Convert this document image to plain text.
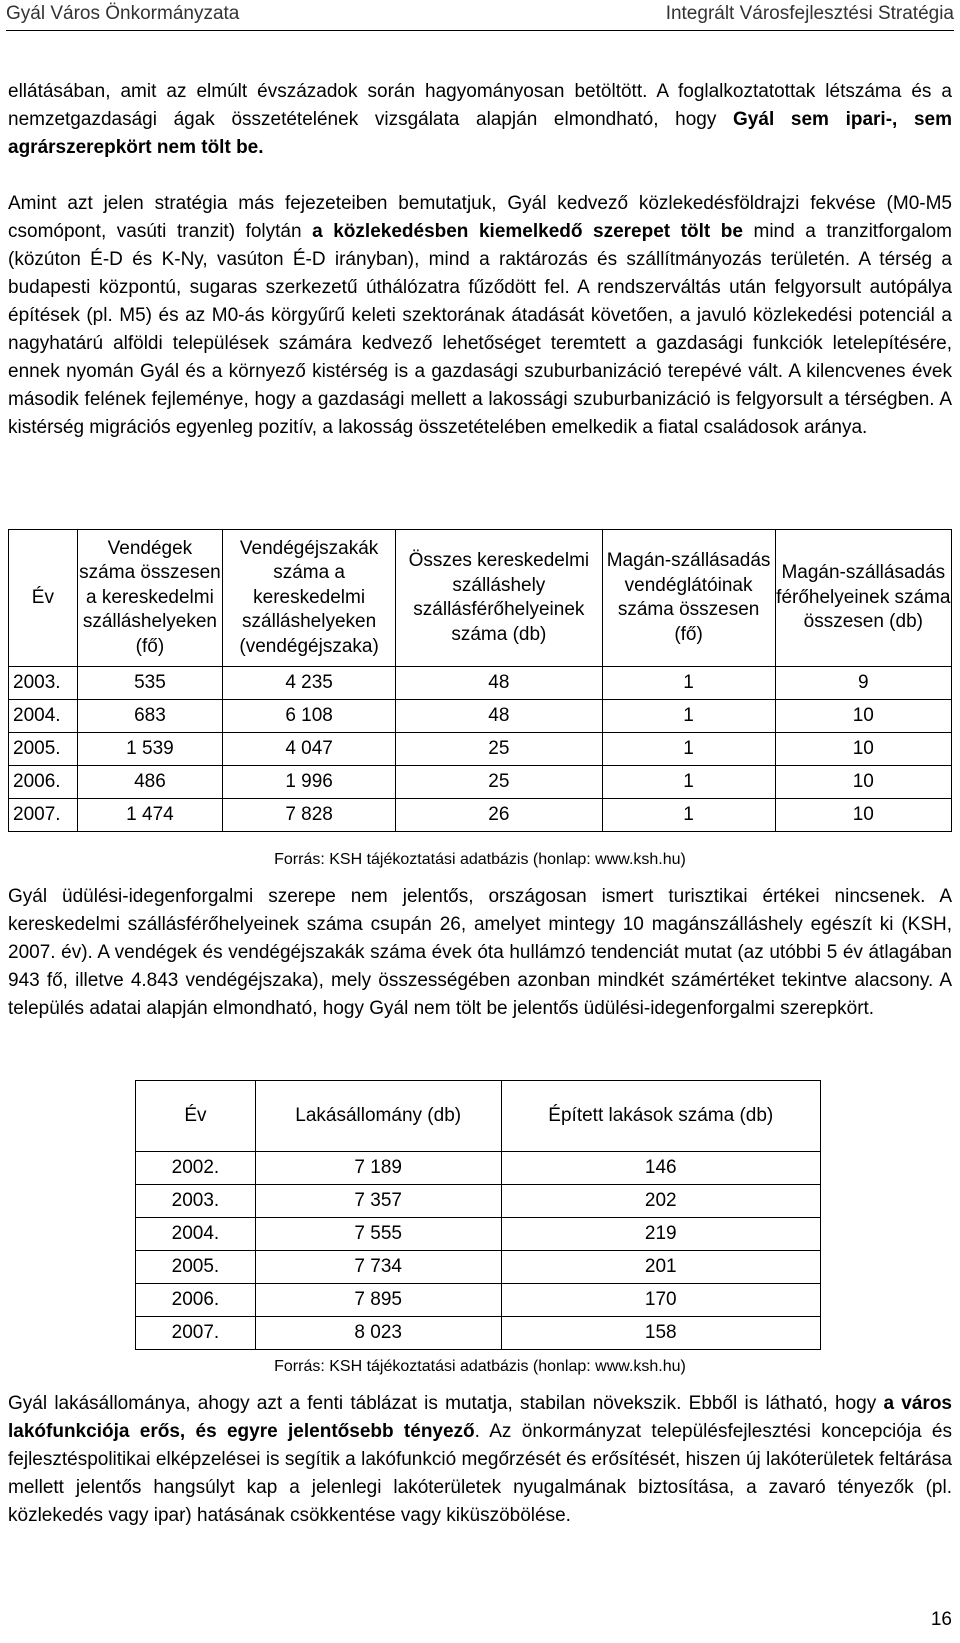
Gyál Város Önkormányzata	Integrált Városfejlesztési Stratégia

ellátásában, amit az elmúlt évszázadok során hagyományosan betöltött. A foglalkoztatottak létszáma és a nemzetgazdasági ágak összetételének vizsgálata alapján elmondható, hogy Gyál sem ipari-, sem agrárszerepkört nem tölt be.

Amint azt jelen stratégia más fejezeteiben bemutatjuk, Gyál kedvező közlekedésföldrajzi fekvése (M0-M5 csomópont, vasúti tranzit) folytán a közlekedésben kiemelkedő szerepet tölt be mind a tranzitforgalom (közúton É-D és K-Ny, vasúton É-D irányban), mind a raktározás és szállítmányozás területén. A térség a budapesti központú, sugaras szerkezetű úthálózatra fűződött fel. A rendszerváltás után felgyorsult autópálya építések (pl. M5) és az M0-ás körgyűrű keleti szektorának átadását követően, a javuló közlekedési potenciál a nagyhatárú alföldi települések számára kedvező lehetőséget teremtett a gazdasági funkciók letelepítésére, ennek nyomán Gyál és a környező kistérség is a gazdasági szuburbanizáció terepévé vált. A kilencvenes évek második felének fejleménye, hogy a gazdasági mellett a lakossági szuburbanizáció is felgyorsult a térségben. A kistérség migrációs egyenleg pozitív, a lakosság összetételében emelkedik a fiatal családosok aránya.

Év	Vendégek száma összesen a kereskedelmi szálláshelyeken (fő)	Vendégéjszakák száma a kereskedelmi szálláshelyeken (vendégéjszaka)	Összes kereskedelmi szálláshely szállásférőhelyeinek száma (db)	Magán-szállásadás vendéglátóinak száma összesen (fő)	Magán-szállásadás férőhelyeinek száma összesen (db)
2003.	535	4 235	48	1	9
2004.	683	6 108	48	1	10
2005.	1 539	4 047	25	1	10
2006.	486	1 996	25	1	10
2007.	1 474	7 828	26	1	10
Forrás: KSH tájékoztatási adatbázis (honlap: www.ksh.hu)

Gyál üdülési-idegenforgalmi szerepe nem jelentős, országosan ismert turisztikai értékei nincsenek. A kereskedelmi szállásférőhelyeinek száma csupán 26, amelyet mintegy 10 magánszálláshely egészít ki (KSH, 2007. év). A vendégek és vendégéjszakák száma évek óta hullámzó tendenciát mutat (az utóbbi 5 év átlagában 943 fő, illetve 4.843 vendégéjszaka), mely összességében azonban mindkét számértéket tekintve alacsony. A település adatai alapján elmondható, hogy Gyál nem tölt be jelentős üdülési-idegenforgalmi szerepkört.

Év	Lakásállomány (db)	Épített lakások száma (db)
2002.	7 189	146
2003.	7 357	202
2004.	7 555	219
2005.	7 734	201
2006.	7 895	170
2007.	8 023	158
Forrás: KSH tájékoztatási adatbázis (honlap: www.ksh.hu)

Gyál lakásállománya, ahogy azt a fenti táblázat is mutatja, stabilan növekszik. Ebből is látható, hogy a város lakófunkciója erős, és egyre jelentősebb tényező. Az önkormányzat településfejlesztési koncepciója és fejlesztéspolitikai elképzelései is segítik a lakófunkció megőrzését és erősítését, hiszen új lakóterületek feltárása mellett jelentős hangsúlyt kap a jelenlegi lakóterületek nyugalmának biztosítása, a zavaró tényezők (pl. közlekedés vagy ipar) hatásának csökkentése vagy kiküszöbölése.

16
